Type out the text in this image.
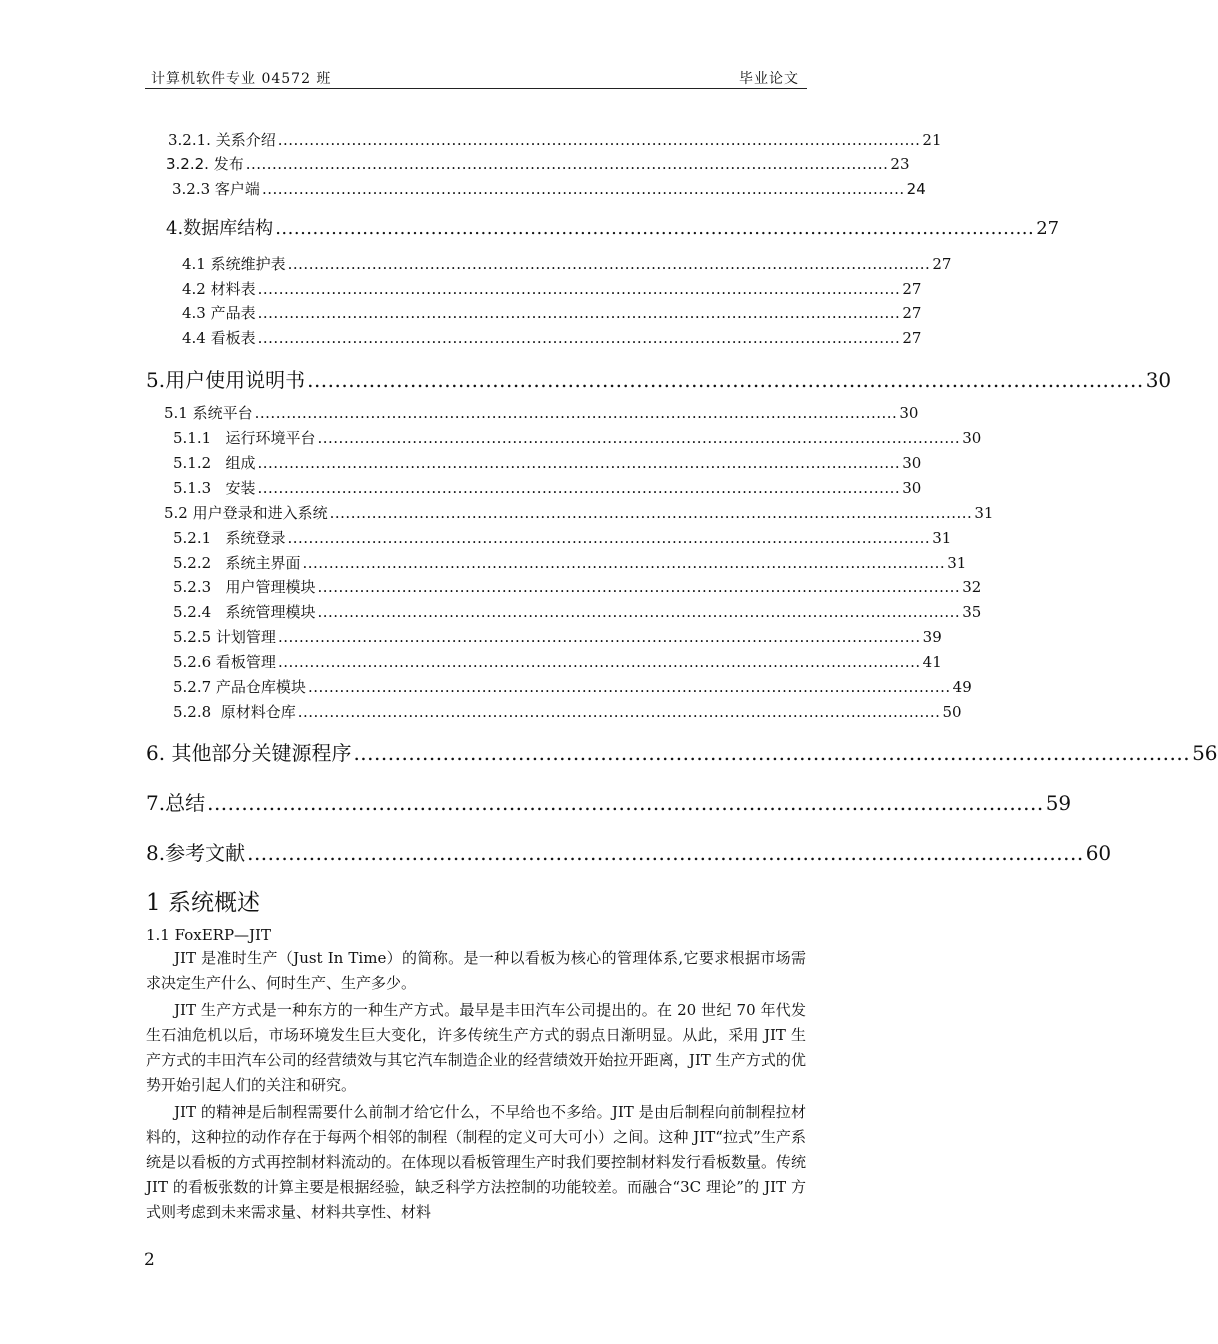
计算机软件专业 04572 班	毕业论文
3.2.1. 关系介绍 .......................................................................................................................... 21
3.2.2. 发布 .......................................................................................................................... 23
3.2.3 客户端 .......................................................................................................................... 24
4.数据库结构 .......................................................................................................................... 27
4.1 系统维护表 .......................................................................................................................... 27
4.2 材料表 .......................................................................................................................... 27
4.3 产品表 .......................................................................................................................... 27
4.4 看板表 .......................................................................................................................... 27
5.用户使用说明书 .......................................................................................................................... 30
5.1 系统平台 .......................................................................................................................... 30
5.1.1   运行环境平台 .......................................................................................................................... 30
5.1.2   组成 .......................................................................................................................... 30
5.1.3   安装 .......................................................................................................................... 30
5.2 用户登录和进入系统 .......................................................................................................................... 31
5.2.1   系统登录 .......................................................................................................................... 31
5.2.2   系统主界面 .......................................................................................................................... 31
5.2.3   用户管理模块 .......................................................................................................................... 32
5.2.4   系统管理模块 .......................................................................................................................... 35
5.2.5 计划管理 .......................................................................................................................... 39
5.2.6 看板管理 .......................................................................................................................... 41
5.2.7 产品仓库模块 .......................................................................................................................... 49
5.2.8  原材料仓库 .......................................................................................................................... 50
6. 其他部分关键源程序 .......................................................................................................................... 56
7.总结 .......................................................................................................................... 59
8.参考文献 .......................................................................................................................... 60
1 系统概述
1.1 FoxERP—JIT

JIT 是准时生产（Just In Time）的简称。是一种以看板为核心的管理体系,它要求根据市场需求决定生产什么、何时生产、生产多少。

JIT 生产方式是一种东方的一种生产方式。最早是丰田汽车公司提出的。在 20 世纪 70 年代发生石油危机以后，市场环境发生巨大变化，许多传统生产方式的弱点日渐明显。从此，采用 JIT 生产方式的丰田汽车公司的经营绩效与其它汽车制造企业的经营绩效开始拉开距离，JIT 生产方式的优势开始引起人们的关注和研究。

JIT 的精神是后制程需要什么前制才给它什么，不早给也不多给。JIT 是由后制程向前制程拉材料的，这种拉的动作存在于每两个相邻的制程（制程的定义可大可小）之间。这种 JIT“拉式”生产系统是以看板的方式再控制材料流动的。在体现以看板管理生产时我们要控制材料发行看板数量。传统 JIT 的看板张数的计算主要是根据经验，缺乏科学方法控制的功能较差。而融合“3C 理论”的 JIT 方式则考虑到未来需求量、材料共享性、材料

2
